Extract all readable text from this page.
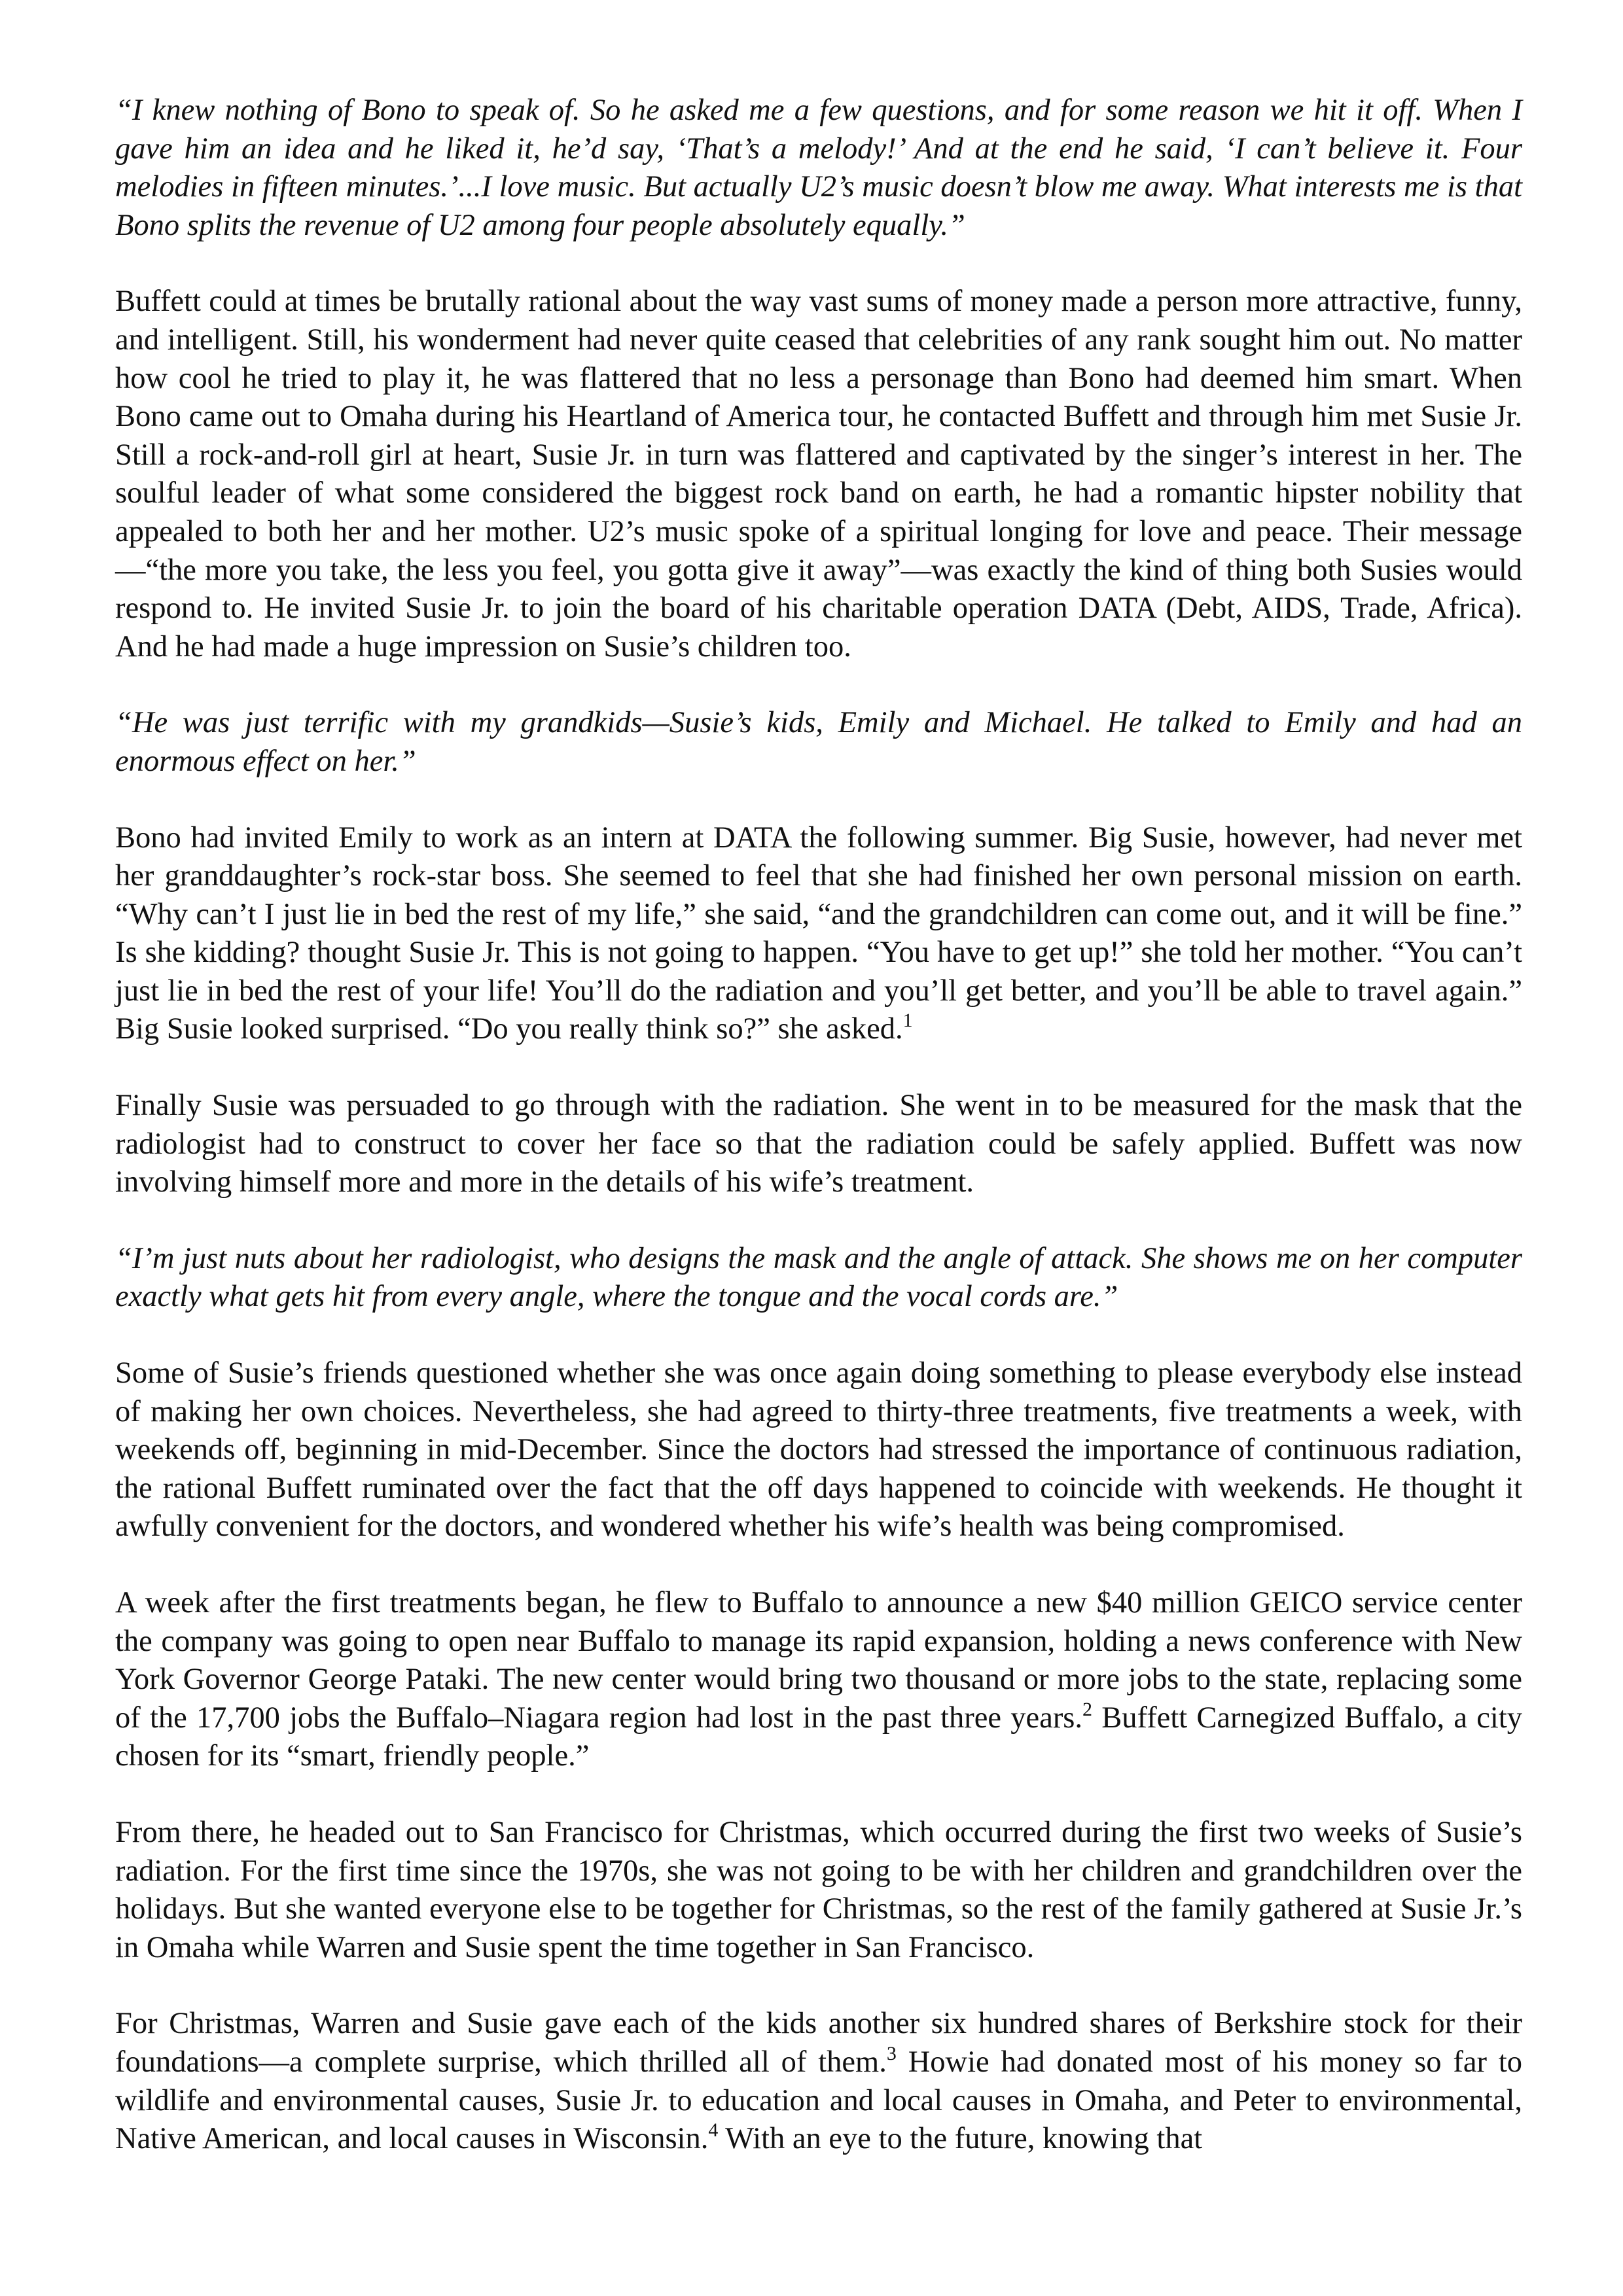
“I knew nothing of Bono to speak of. So he asked me a few questions, and for some reason we hit it off. When I gave him an idea and he liked it, he’d say, ‘That’s a melody!’ And at the end he said, ‘I can’t believe it. Four melodies in fifteen minutes.’...I love music. But actually U2’s music doesn’t blow me away. What interests me is that Bono splits the revenue of U2 among four people absolutely equally.”

Buffett could at times be brutally rational about the way vast sums of money made a person more attractive, funny, and intelligent. Still, his wonderment had never quite ceased that celebrities of any rank sought him out. No matter how cool he tried to play it, he was flattered that no less a personage than Bono had deemed him smart. When Bono came out to Omaha during his Heartland of America tour, he contacted Buffett and through him met Susie Jr. Still a rock-and-roll girl at heart, Susie Jr. in turn was flattered and captivated by the singer’s interest in her. The soulful leader of what some considered the biggest rock band on earth, he had a romantic hipster nobility that appealed to both her and her mother. U2’s music spoke of a spiritual longing for love and peace. Their message—“the more you take, the less you feel, you gotta give it away”—was exactly the kind of thing both Susies would respond to. He invited Susie Jr. to join the board of his charitable operation DATA (Debt, AIDS, Trade, Africa). And he had made a huge impression on Susie’s children too.

“He was just terrific with my grandkids—Susie’s kids, Emily and Michael. He talked to Emily and had an enormous effect on her.”

Bono had invited Emily to work as an intern at DATA the following summer. Big Susie, however, had never met her granddaughter’s rock-star boss. She seemed to feel that she had finished her own personal mission on earth. “Why can’t I just lie in bed the rest of my life,” she said, “and the grandchildren can come out, and it will be fine.” Is she kidding? thought Susie Jr. This is not going to happen. “You have to get up!” she told her mother. “You can’t just lie in bed the rest of your life! You’ll do the radiation and you’ll get better, and you’ll be able to travel again.” Big Susie looked surprised. “Do you really think so?” she asked.$^1$

Finally Susie was persuaded to go through with the radiation. She went in to be measured for the mask that the radiologist had to construct to cover her face so that the radiation could be safely applied. Buffett was now involving himself more and more in the details of his wife’s treatment.

“I’m just nuts about her radiologist, who designs the mask and the angle of attack. She shows me on her computer exactly what gets hit from every angle, where the tongue and the vocal cords are.”

Some of Susie’s friends questioned whether she was once again doing something to please everybody else instead of making her own choices. Nevertheless, she had agreed to thirty-three treatments, five treatments a week, with weekends off, beginning in mid-December. Since the doctors had stressed the importance of continuous radiation, the rational Buffett ruminated over the fact that the off days happened to coincide with weekends. He thought it awfully convenient for the doctors, and wondered whether his wife’s health was being compromised.

A week after the first treatments began, he flew to Buffalo to announce a new $40 million GEICO service center the company was going to open near Buffalo to manage its rapid expansion, holding a news conference with New York Governor George Pataki. The new center would bring two thousand or more jobs to the state, replacing some of the 17,700 jobs the Buffalo–Niagara region had lost in the past three years.$^2$ Buffett Carnegized Buffalo, a city chosen for its “smart, friendly people.”

From there, he headed out to San Francisco for Christmas, which occurred during the first two weeks of Susie’s radiation. For the first time since the 1970s, she was not going to be with her children and grandchildren over the holidays. But she wanted everyone else to be together for Christmas, so the rest of the family gathered at Susie Jr.’s in Omaha while Warren and Susie spent the time together in San Francisco.

For Christmas, Warren and Susie gave each of the kids another six hundred shares of Berkshire stock for their foundations—a complete surprise, which thrilled all of them.$^3$ Howie had donated most of his money so far to wildlife and environmental causes, Susie Jr. to education and local causes in Omaha, and Peter to environmental, Native American, and local causes in Wisconsin.$^4$ With an eye to the future, knowing that
